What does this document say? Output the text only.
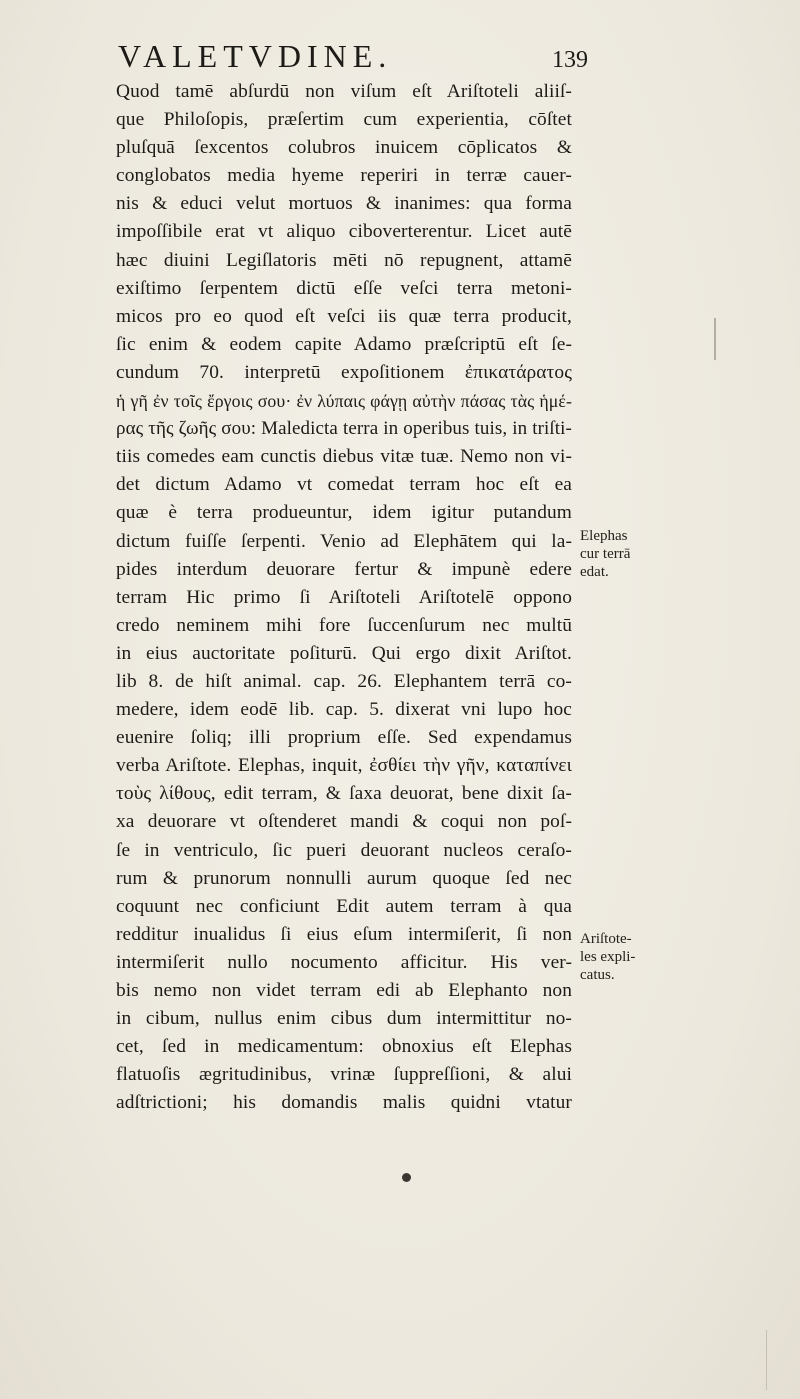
VALETVDINE.	139
Quod tamē abſurdū non viſum eſt Ariſtoteli aliiſ-
que Philoſopis, præſertim cum experientia, cōſtet
pluſquā ſexcentos colubros inuicem cōplicatos &
conglobatos media hyeme reperiri in terræ cauer-
nis & educi velut mortuos & inanimes: qua forma
impoſſibile erat vt aliquo ciboverterentur. Licet autē
hæc diuini Legiſlatoris mēti nō repugnent, attamē
exiſtimo ſerpentem dictū eſſe veſci terra metoni-
micos pro eo quod eſt veſci iis quæ terra producit,
ſic enim & eodem capite Adamo præſcriptū eſt ſe-
cundum 70. interpretū expoſitionem ἐπικατάρατος
ἡ γῆ ἐν τοῖς ἔργοις σου· ἐν λύπαις φάγῃ αὐτὴν πάσας τὰς ἡμέ-
ρας τῆς ζωῆς σου: Maledicta terra in operibus tuis, in triſti-
tiis comedes eam cunctis diebus vitæ tuæ. Nemo non vi-
det dictum Adamo vt comedat terram hoc eſt ea
quæ è terra produeuntur, idem igitur putandum
dictum fuiſſe ſerpenti. Venio ad Elephātem qui la-
pides interdum deuorare fertur & impunè edere
terram Hic primo ſi Ariſtoteli Ariſtotelē oppono
credo neminem mihi fore ſuccenſurum nec multū
in eius auctoritate poſiturū. Qui ergo dixit Ariſtot.
lib 8. de hiſt animal. cap. 26. Elephantem terrā co-
medere, idem eodē lib. cap. 5. dixerat vni lupo hoc
euenire ſoliq; illi proprium eſſe. Sed expendamus
verba Ariſtote. Elephas, inquit, ἐσθίει τὴν γῆν, καταπίνει
τοὺς λίθους, edit terram, & ſaxa deuorat, bene dixit ſa-
xa deuorare vt oſtenderet mandi & coqui non poſ-
ſe in ventriculo, ſic pueri deuorant nucleos ceraſo-
rum & prunorum nonnulli aurum quoque ſed nec
coquunt nec conficiunt Edit autem terram à qua
redditur inualidus ſi eius eſum intermiſerit, ſi non
intermiſerit nullo nocumento afficitur. His ver-
bis nemo non videt terram edi ab Elephanto non
in cibum, nullus enim cibus dum intermittitur no-
cet, ſed in medicamentum: obnoxius eſt Elephas
flatuoſis ægritudinibus, vrinæ ſuppreſſioni, & alui
adſtrictioni; his domandis malis quidni vtatur
Elephas
cur terrā
edat.
Ariſtote-
les expli-
catus.
